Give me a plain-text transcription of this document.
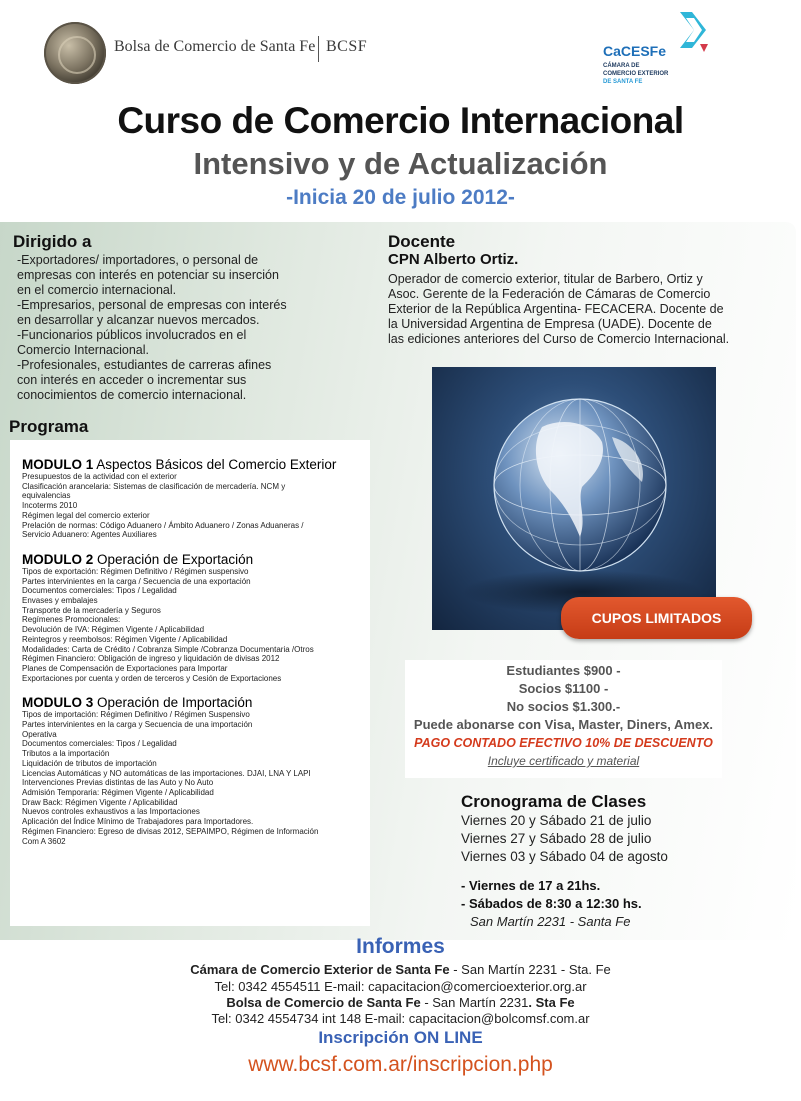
Bolsa de Comercio de Santa Fe BCSF	CaCESFe
CÁMARA DE
COMERCIO EXTERIOR
DE SANTA FE
Curso de Comercio Internacional
Intensivo y de Actualización
-Inicia 20 de julio 2012-
Dirigido a
-Exportadores/ importadores, o personal de
empresas con interés en potenciar su inserción
en el comercio internacional.
-Empresarios, personal de empresas con interés
en desarrollar y alcanzar nuevos mercados.
-Funcionarios públicos involucrados en el
Comercio Internacional.
-Profesionales, estudiantes de carreras afines
con interés en acceder o incrementar sus
conocimientos de comercio internacional.
Docente
CPN Alberto Ortiz.
Operador de comercio exterior, titular de Barbero, Ortiz y
Asoc. Gerente de la Federación de Cámaras de Comercio
Exterior de la República Argentina- FECACERA. Docente de
la Universidad Argentina de Empresa (UADE). Docente de
las ediciones anteriores del Curso de Comercio Internacional.
Programa
MODULO 1 Aspectos Básicos del Comercio Exterior
Presupuestos de la actividad con el exterior
Clasificación arancelaria: Sistemas de clasificación de mercadería. NCM y
equivalencias
Incoterms 2010
Régimen legal del comercio exterior
Prelación de normas: Código Aduanero / Ámbito Aduanero / Zonas Aduaneras /
Servicio Aduanero: Agentes Auxiliares
MODULO 2 Operación de Exportación
Tipos de exportación: Régimen Definitivo / Régimen suspensivo
Partes intervinientes en la carga / Secuencia de una exportación
Documentos comerciales: Tipos / Legalidad
Envases y embalajes
Transporte de la mercadería y Seguros
Regímenes Promocionales:
Devolución de IVA: Régimen Vigente / Aplicabilidad
Reintegros y reembolsos: Régimen Vigente / Aplicabilidad
Modalidades: Carta de Crédito / Cobranza Simple /Cobranza Documentaria /Otros
Régimen Financiero: Obligación de ingreso y liquidación de divisas 2012
Planes de Compensación de Exportaciones para Importar
Exportaciones por cuenta y orden de terceros y Cesión de Exportaciones
MODULO 3 Operación de Importación
Tipos de importación: Régimen Definitivo / Régimen Suspensivo
Partes intervinientes en la carga y Secuencia de una importación
Operativa
Documentos comerciales: Tipos / Legalidad
Tributos a la importación
Liquidación de tributos de importación
Licencias Automáticas y NO automáticas de las importaciones. DJAI, LNA Y LAPI
Intervenciones Previas distintas de las Auto y No Auto
Admisión Temporaria: Régimen Vigente / Aplicabilidad
Draw Back: Régimen Vigente / Aplicabilidad
Nuevos controles exhaustivos a las Importaciones
Aplicación del Índice Mínimo de Trabajadores para Importadores.
Régimen Financiero: Egreso de divisas 2012, SEPAIMPO, Régimen de Información
Com A 3602
CUPOS LIMITADOS
Estudiantes $900 -
Socios $1100 -
No socios $1.300.-
Puede abonarse con Visa, Master, Diners, Amex.
PAGO CONTADO EFECTIVO 10% DE DESCUENTO
Incluye certificado y material
Cronograma de Clases
Viernes 20 y Sábado 21 de julio
Viernes 27 y Sábado 28 de julio
Viernes 03 y Sábado 04 de agosto
- Viernes de 17 a 21hs.
- Sábados de 8:30 a 12:30 hs.
San Martín 2231 - Santa Fe
Informes
Cámara de Comercio Exterior de Santa Fe - San Martín 2231 - Sta. Fe
Tel: 0342 4554511 E-mail: capacitacion@comercioexterior.org.ar
Bolsa de Comercio de Santa Fe - San Martín 2231. Sta Fe
Tel: 0342 4554734 int 148 E-mail: capacitacion@bolcomsf.com.ar
Inscripción ON LINE
www.bcsf.com.ar/inscripcion.php
